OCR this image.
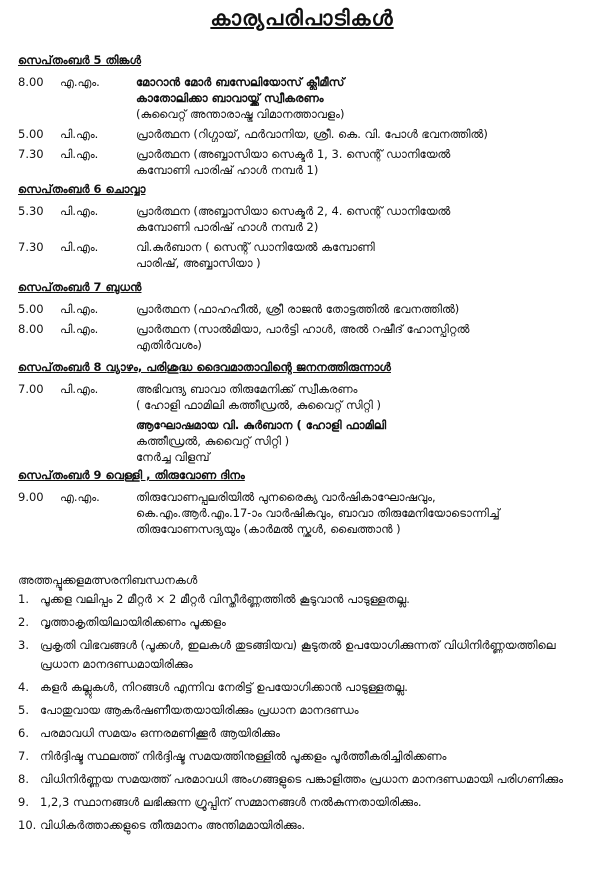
കാര്യപരിപാടികൾ
സെപ്‌തംബർ 5 തിങ്കൾ
8.00	എ.എം.	മോറാൻ മോർ ബസേലിയോസ് ക്ലീമീസ്
കാതോലിക്കാ ബാവായ്ക്ക് സ്വീകരണം
(കുവൈറ്റ് അന്താരാഷ്ട്ര വിമാനത്താവളം)
5.00	പി.എം.	പ്രാർത്ഥന (റിഗ്ഗായ്, ഫർവാനിയ, ശ്രീ. കെ. വി. പോൾ ഭവനത്തിൽ)
7.30	പി.എം.	പ്രാർത്ഥന (അബ്ബാസിയാ സെക്ടർ 1, 3. സെന്റ് ഡാനിയേൽ
കമ്പോണി പാരിഷ് ഹാൾ നമ്പർ 1)
സെപ്‌തംബർ 6 ചൊവ്വാ
5.30	പി.എം.	പ്രാർത്ഥന (അബ്ബാസിയാ സെക്ടർ 2, 4. സെന്റ് ഡാനിയേൽ
കമ്പോണി പാരിഷ് ഹാൾ നമ്പർ 2)
7.30	പി.എം.	വി.കുർബാന ( സെന്റ് ഡാനിയേൽ കമ്പോണി
പാരിഷ്, അബ്ബാസിയാ )
സെപ്‌തംബർ 7 ബുധൻ
5.00	പി.എം.	പ്രാർത്ഥന (ഫാഹഹീൽ, ശ്രീ രാജൻ തോട്ടത്തിൽ ഭവനത്തിൽ)
8.00	പി.എം.	പ്രാർത്ഥന (സാൽമിയാ, പാർട്ടി ഹാൾ, അൽ റഷീദ് ഹോസ്പിറ്റൽ
എതിർവശം)
സെപ്‌തംബർ 8 വ്യാഴം, പരിശുദ്ധ ദൈവമാതാവിന്റെ ജനനത്തിരുന്നാൾ
7.00	പി.എം.	അഭിവന്ദ്യ ബാവാ തിരുമേനിക്ക് സ്വീകരണം
( ഹോളി ഫാമിലി കത്തീഡ്രൽ, കുവൈറ്റ് സിറ്റി )
ആഘോഷമായ വി. കുർബാന ( ഹോളി ഫാമിലി
കത്തീഡ്രൽ, കുവൈറ്റ് സിറ്റി )
നേർച്ച വിളമ്പ്
സെപ്‌തംബർ 9 വെള്ളി , തിരുവോണ ദിനം
9.00	എ.എം.	തിരുവോണപ്പുലരിയിൽ പുനരൈക്യ വാർഷികാഘോഷവും,
കെ.എം.ആർ.എം.17-ാം വാർഷികവും, ബാവാ തിരുമേനിയോടൊന്നിച്ച്
തിരുവോണസദ്യയും (കാർമൽ സ്കൂൾ, ഖൈത്താൻ )
അത്തപ്പൂക്കളമത്സരനിബന്ധനകൾ
1. പൂക്കള വലിപ്പം 2 മീറ്റർ × 2 മീറ്റർ വിസ്തീർണ്ണത്തിൽ കൂടുവാൻ പാടുള്ളതല്ല.
2. വൃത്താകൃതിയിലായിരിക്കണം പൂക്കളം
3. പ്രകൃതി വിഭവങ്ങൾ (പൂക്കൾ, ഇലകൾ തുടങ്ങിയവ) കൂടുതൽ ഉപയോഗിക്കുന്നത് വിധിനിർണ്ണയത്തിലെ പ്രധാന മാനദണ്ഡമായിരിക്കും
4. കളർ കല്ലുകൾ, നിറങ്ങൾ എന്നിവ നേരിട്ട് ഉപയോഗിക്കാൻ പാടുള്ളതല്ല.
5. പോതുവായ ആകർഷണീയതയായിരിക്കും പ്രധാന മാനദണ്ഡം
6. പരമാവധി സമയം ഒന്നരമണിക്കൂർ ആയിരിക്കും
7. നിർദ്ദിഷ്ട സ്ഥലത്ത് നിർദ്ദിഷ്ട സമയത്തിനുള്ളിൽ പൂക്കളം പൂർത്തീകരിച്ചിരിക്കണം
8. വിധിനിർണ്ണയ സമയത്ത് പരമാവധി അംഗങ്ങളുടെ പങ്കാളിത്തം പ്രധാന മാനദണ്ഡമായി പരിഗണിക്കും
9. 1,2,3 സ്ഥാനങ്ങൾ ലഭിക്കുന്ന ഗ്രൂപ്പിന് സമ്മാനങ്ങൾ നൽകുന്നതായിരിക്കും.
10. വിധികർത്താക്കളുടെ തീരുമാനം അന്തിമമായിരിക്കും.
